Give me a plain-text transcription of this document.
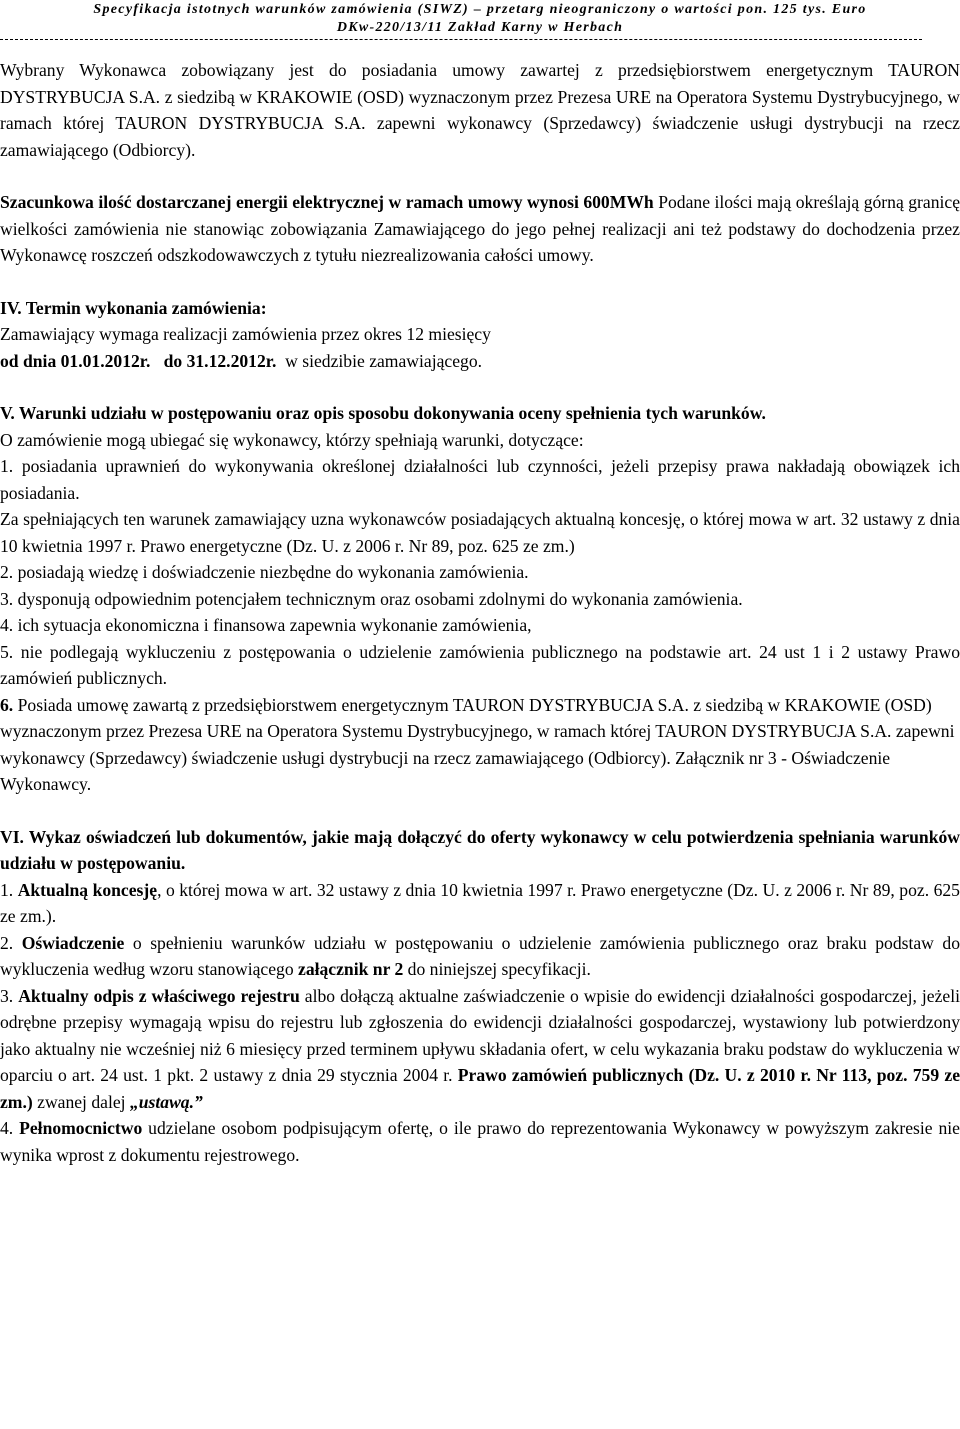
Specyfikacja istotnych warunków zamówienia (SIWZ) – przetarg nieograniczony o wartości pon. 125 tys. Euro
DKw-220/13/11 Zakład Karny w Herbach

Wybrany Wykonawca zobowiązany jest do posiadania umowy zawartej z przedsiębiorstwem energetycznym TAURON DYSTRYBUCJA S.A. z siedzibą w KRAKOWIE (OSD) wyznaczonym przez Prezesa URE na Operatora Systemu Dystrybucyjnego, w ramach której TAURON DYSTRYBUCJA S.A. zapewni wykonawcy (Sprzedawcy) świadczenie usługi dystrybucji na rzecz zamawiającego (Odbiorcy).

Szacunkowa ilość dostarczanej energii elektrycznej w ramach umowy wynosi 600MWh Podane ilości mają określają górną granicę wielkości zamówienia nie stanowiąc zobowiązania Zamawiającego do jego pełnej realizacji ani też podstawy do dochodzenia przez Wykonawcę roszczeń odszkodowawczych z tytułu niezrealizowania całości umowy.

IV. Termin wykonania zamówienia:

Zamawiający wymaga realizacji zamówienia przez okres 12 miesięcy

od dnia 01.01.2012r. do 31.12.2012r. w siedzibie zamawiającego.

V. Warunki udziału w postępowaniu oraz opis sposobu dokonywania oceny spełnienia tych warunków.

O zamówienie mogą ubiegać się wykonawcy, którzy spełniają warunki, dotyczące:

1. posiadania uprawnień do wykonywania określonej działalności lub czynności, jeżeli przepisy prawa nakładają obowiązek ich posiadania.

Za spełniających ten warunek zamawiający uzna wykonawców posiadających aktualną koncesję, o której mowa w art. 32 ustawy z dnia 10 kwietnia 1997 r. Prawo energetyczne (Dz. U. z 2006 r. Nr 89, poz. 625 ze zm.)

2. posiadają wiedzę i doświadczenie niezbędne do wykonania zamówienia.

3. dysponują odpowiednim potencjałem technicznym oraz osobami zdolnymi do wykonania zamówienia.

4. ich sytuacja ekonomiczna i finansowa zapewnia wykonanie zamówienia,

5. nie podlegają wykluczeniu z postępowania o udzielenie zamówienia publicznego na podstawie art. 24 ust 1 i 2 ustawy Prawo zamówień publicznych.

6. Posiada umowę zawartą z przedsiębiorstwem energetycznym TAURON DYSTRYBUCJA S.A. z siedzibą w KRAKOWIE (OSD) wyznaczonym przez Prezesa URE na Operatora Systemu Dystrybucyjnego, w ramach której TAURON DYSTRYBUCJA S.A. zapewni wykonawcy (Sprzedawcy) świadczenie usługi dystrybucji na rzecz zamawiającego (Odbiorcy). Załącznik nr 3 - Oświadczenie Wykonawcy.

VI. Wykaz oświadczeń lub dokumentów, jakie mają dołączyć do oferty wykonawcy w celu potwierdzenia spełniania warunków udziału w postępowaniu.

1. Aktualną koncesję, o której mowa w art. 32 ustawy z dnia 10 kwietnia 1997 r. Prawo energetyczne (Dz. U. z 2006 r. Nr 89, poz. 625 ze zm.).

2. Oświadczenie o spełnieniu warunków udziału w postępowaniu o udzielenie zamówienia publicznego oraz braku podstaw do wykluczenia według wzoru stanowiącego załącznik nr 2 do niniejszej specyfikacji.

3. Aktualny odpis z właściwego rejestru albo dołączą aktualne zaświadczenie o wpisie do ewidencji działalności gospodarczej, jeżeli odrębne przepisy wymagają wpisu do rejestru lub zgłoszenia do ewidencji działalności gospodarczej, wystawiony lub potwierdzony jako aktualny nie wcześniej niż 6 miesięcy przed terminem upływu składania ofert, w celu wykazania braku podstaw do wykluczenia w oparciu o art. 24 ust. 1 pkt. 2 ustawy z dnia 29 stycznia 2004 r. Prawo zamówień publicznych (Dz. U. z 2010 r. Nr 113, poz. 759 ze zm.) zwanej dalej „ustawą.”

4. Pełnomocnictwo udzielane osobom podpisującym ofertę, o ile prawo do reprezentowania Wykonawcy w powyższym zakresie nie wynika wprost z dokumentu rejestrowego.
